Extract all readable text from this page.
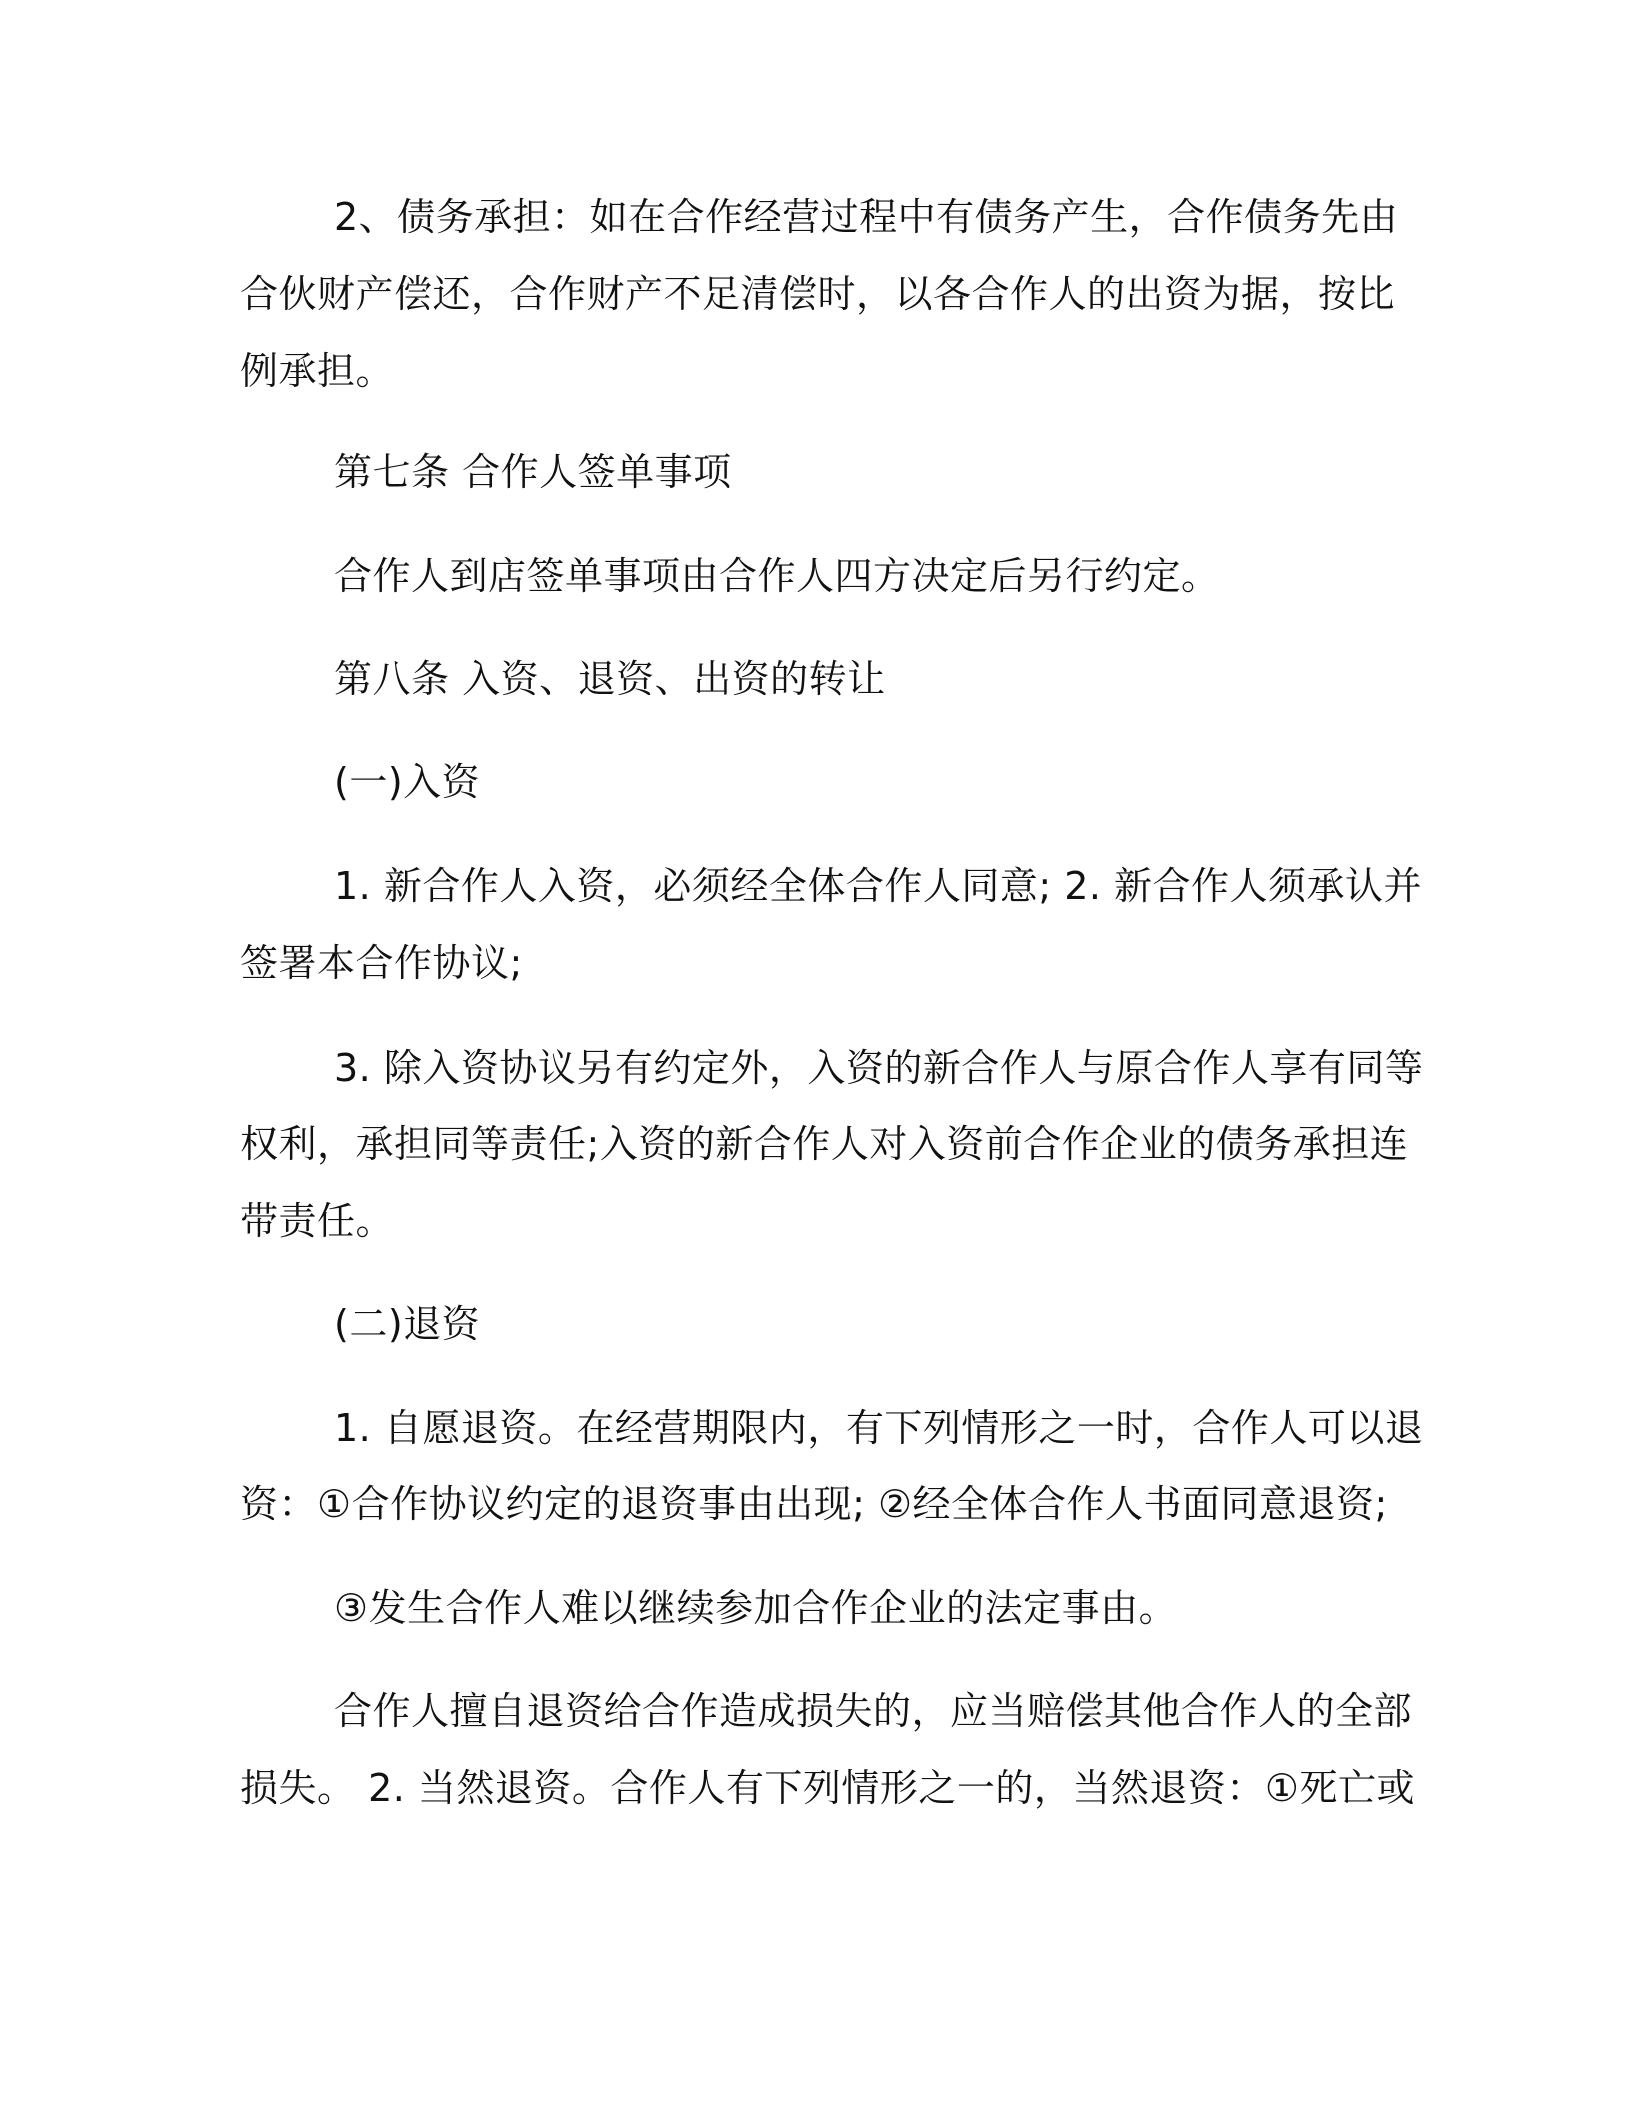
2、债务承担：如在合作经营过程中有债务产生，合作债务先由
合伙财产偿还，合作财产不足清偿时，以各合作人的出资为据，按比
例承担。
第七条 合作人签单事项
合作人到店签单事项由合作人四方决定后另行约定。
第八条 入资、退资、出资的转让
(一)入资
1. 新合作人入资，必须经全体合作人同意; 2. 新合作人须承认并
签署本合作协议;
3. 除入资协议另有约定外，入资的新合作人与原合作人享有同等
权利，承担同等责任;入资的新合作人对入资前合作企业的债务承担连
带责任。
(二)退资
1. 自愿退资。在经营期限内，有下列情形之一时，合作人可以退
资：①合作协议约定的退资事由出现; ②经全体合作人书面同意退资;
③发生合作人难以继续参加合作企业的法定事由。
合作人擅自退资给合作造成损失的，应当赔偿其他合作人的全部
损失。 2. 当然退资。合作人有下列情形之一的，当然退资：①死亡或
